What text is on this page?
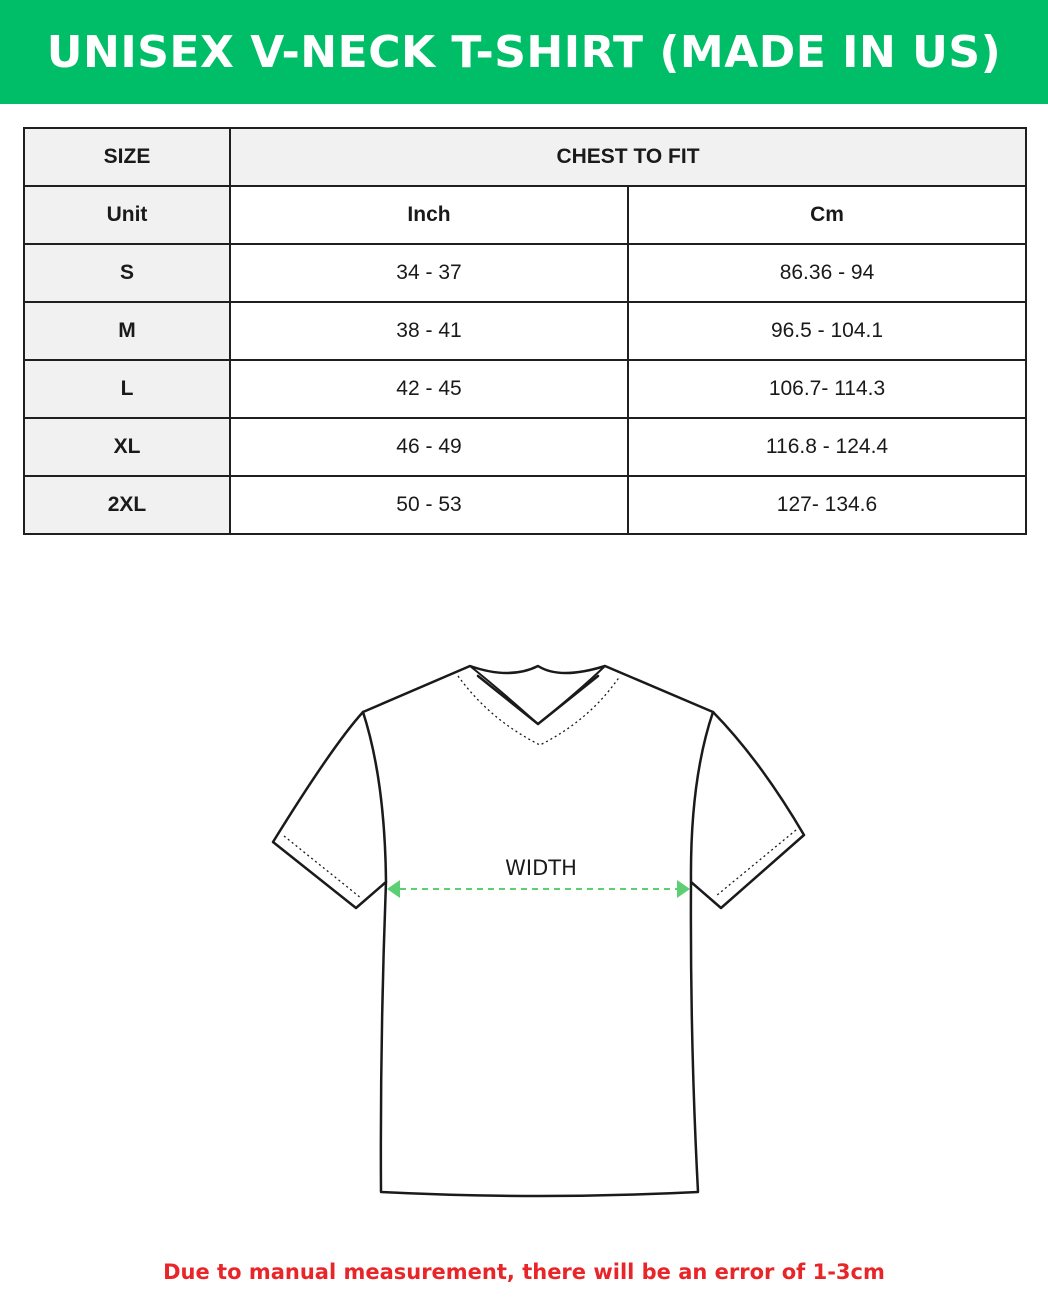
UNISEX V-NECK T-SHIRT (MADE IN US)
SIZE	CHEST TO FIT	
Unit	Inch	Cm
S	34 - 37	86.36 - 94
M	38 - 41	96.5 - 104.1
L	42 - 45	106.7- 114.3
XL	46 - 49	116.8 - 124.4
2XL	50 - 53	127- 134.6
WIDTH
Due to manual measurement, there will be an error of 1-3cm
